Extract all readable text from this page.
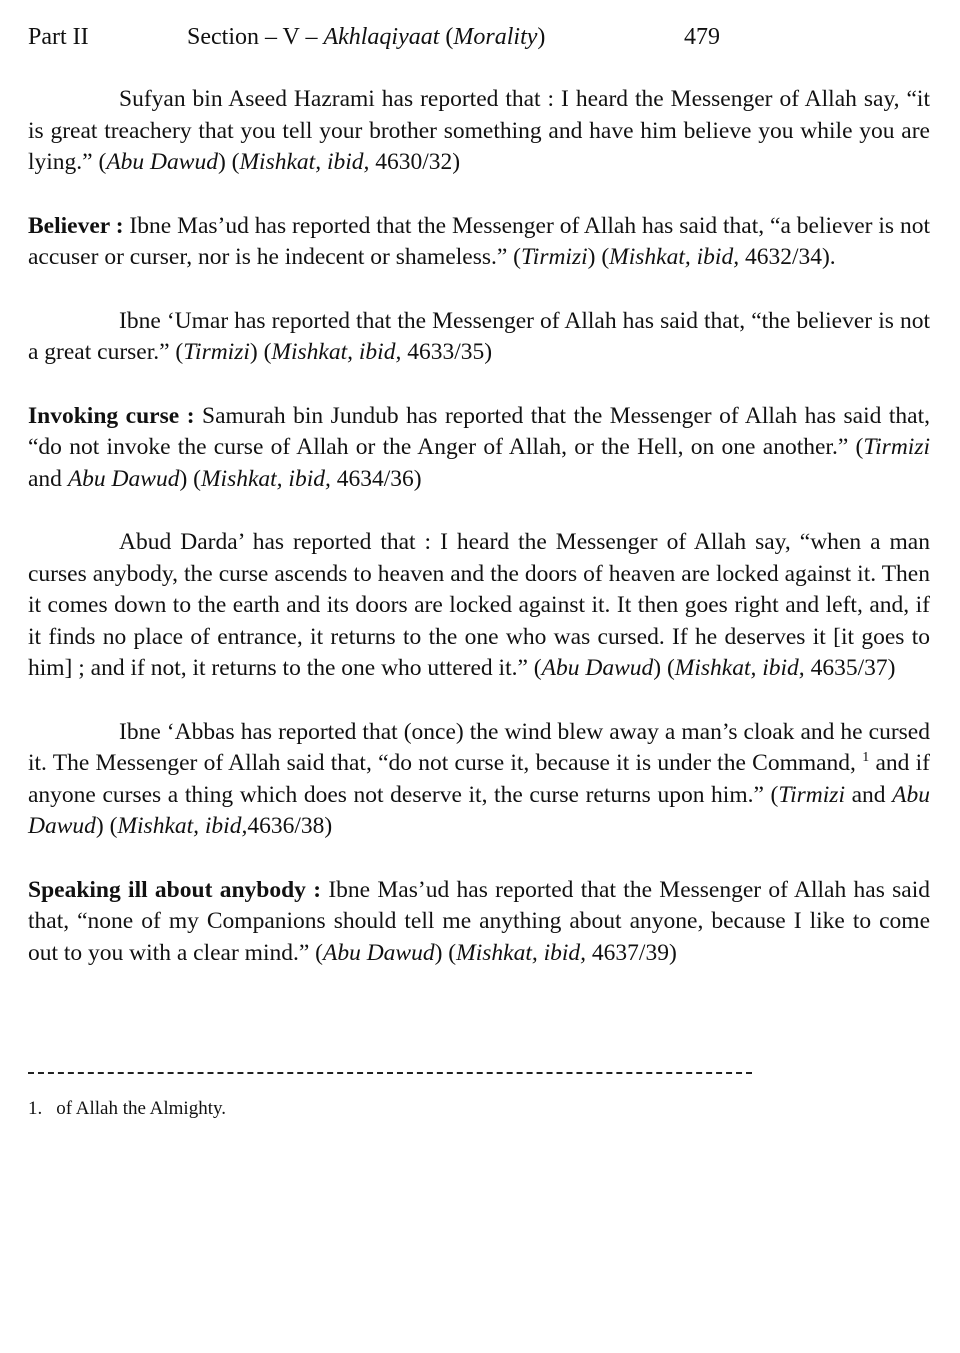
Part II	Section – V – Akhlaqiyaat (Morality)	479

Sufyan bin Aseed Hazrami has reported that : I heard the Messenger of Allah say, “it is great treachery that you tell your brother something and have him believe you while you are lying.” (Abu Dawud) (Mishkat, ibid, 4630/32)

Believer : Ibne Mas’ud has reported that the Messenger of Allah has said that, “a believer is not accuser or curser, nor is he indecent or shameless.” (Tirmizi) (Mishkat, ibid, 4632/34).

Ibne ‘Umar has reported that the Messenger of Allah has said that, “the believer is not a great curser.” (Tirmizi) (Mishkat, ibid, 4633/35)

Invoking curse : Samurah bin Jundub has reported that the Messenger of Allah has said that, “do not invoke the curse of Allah or the Anger of Allah, or the Hell, on one another.” (Tirmizi and Abu Dawud) (Mishkat, ibid, 4634/36)

Abud Darda’ has reported that : I heard the Messenger of Allah say, “when a man curses anybody, the curse ascends to heaven and the doors of heaven are locked against it. Then it comes down to the earth and its doors are locked against it. It then goes right and left, and, if it finds no place of entrance, it returns to the one who was cursed. If he deserves it [it goes to him] ; and if not, it returns to the one who uttered it.” (Abu Dawud) (Mishkat, ibid, 4635/37)

Ibne ‘Abbas has reported that (once) the wind blew away a man’s cloak and he cursed it. The Messenger of Allah said that, “do not curse it, because it is under the Command, $^1$ and if anyone curses a thing which does not deserve it, the curse returns upon him.” (Tirmizi and Abu Dawud) (Mishkat, ibid,4636/38)

Speaking ill about anybody : Ibne Mas’ud has reported that the Messenger of Allah has said that, “none of my Companions should tell me anything about anyone, because I like to come out to you with a clear mind.” (Abu Dawud) (Mishkat, ibid, 4637/39)

1. of Allah the Almighty.
